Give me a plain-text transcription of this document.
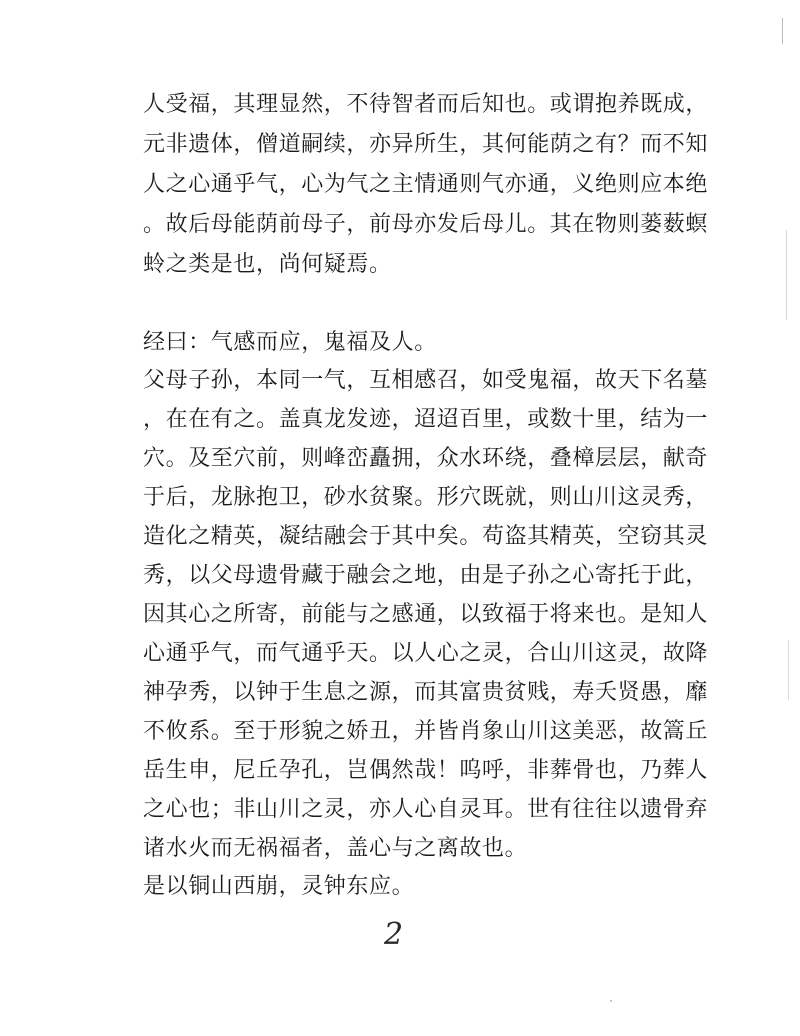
人受福，其理显然，不待智者而后知也。或谓抱养既成，
元非遗体，僧道嗣续，亦异所生，其何能荫之有？而不知
人之心通乎气，心为气之主情通则气亦通，义绝则应本绝
。故后母能荫前母子，前母亦发后母儿。其在物则蒌薮螟
蛉之类是也，尚何疑焉。
经曰：气感而应，鬼福及人。
父母子孙，本同一气，互相感召，如受鬼福，故天下名墓
，在在有之。盖真龙发迹，迢迢百里，或数十里，结为一
穴。及至穴前，则峰峦矗拥，众水环绕，叠樟层层，献奇
于后，龙脉抱卫，砂水贫聚。形穴既就，则山川这灵秀，
造化之精英，凝结融会于其中矣。苟盗其精英，空窃其灵
秀，以父母遗骨藏于融会之地，由是子孙之心寄托于此，
因其心之所寄，前能与之感通，以致福于将来也。是知人
心通乎气，而气通乎天。以人心之灵，合山川这灵，故降
神孕秀，以钟于生息之源，而其富贵贫贱，寿夭贤愚，靡
不攸系。至于形貌之娇丑，并皆肖象山川这美恶，故篙丘
岳生申，尼丘孕孔，岂偶然哉！呜呼，非葬骨也，乃葬人
之心也；非山川之灵，亦人心自灵耳。世有往往以遗骨弃
诸水火而无祸福者，盖心与之离故也。
是以铜山西崩，灵钟东应。
2
